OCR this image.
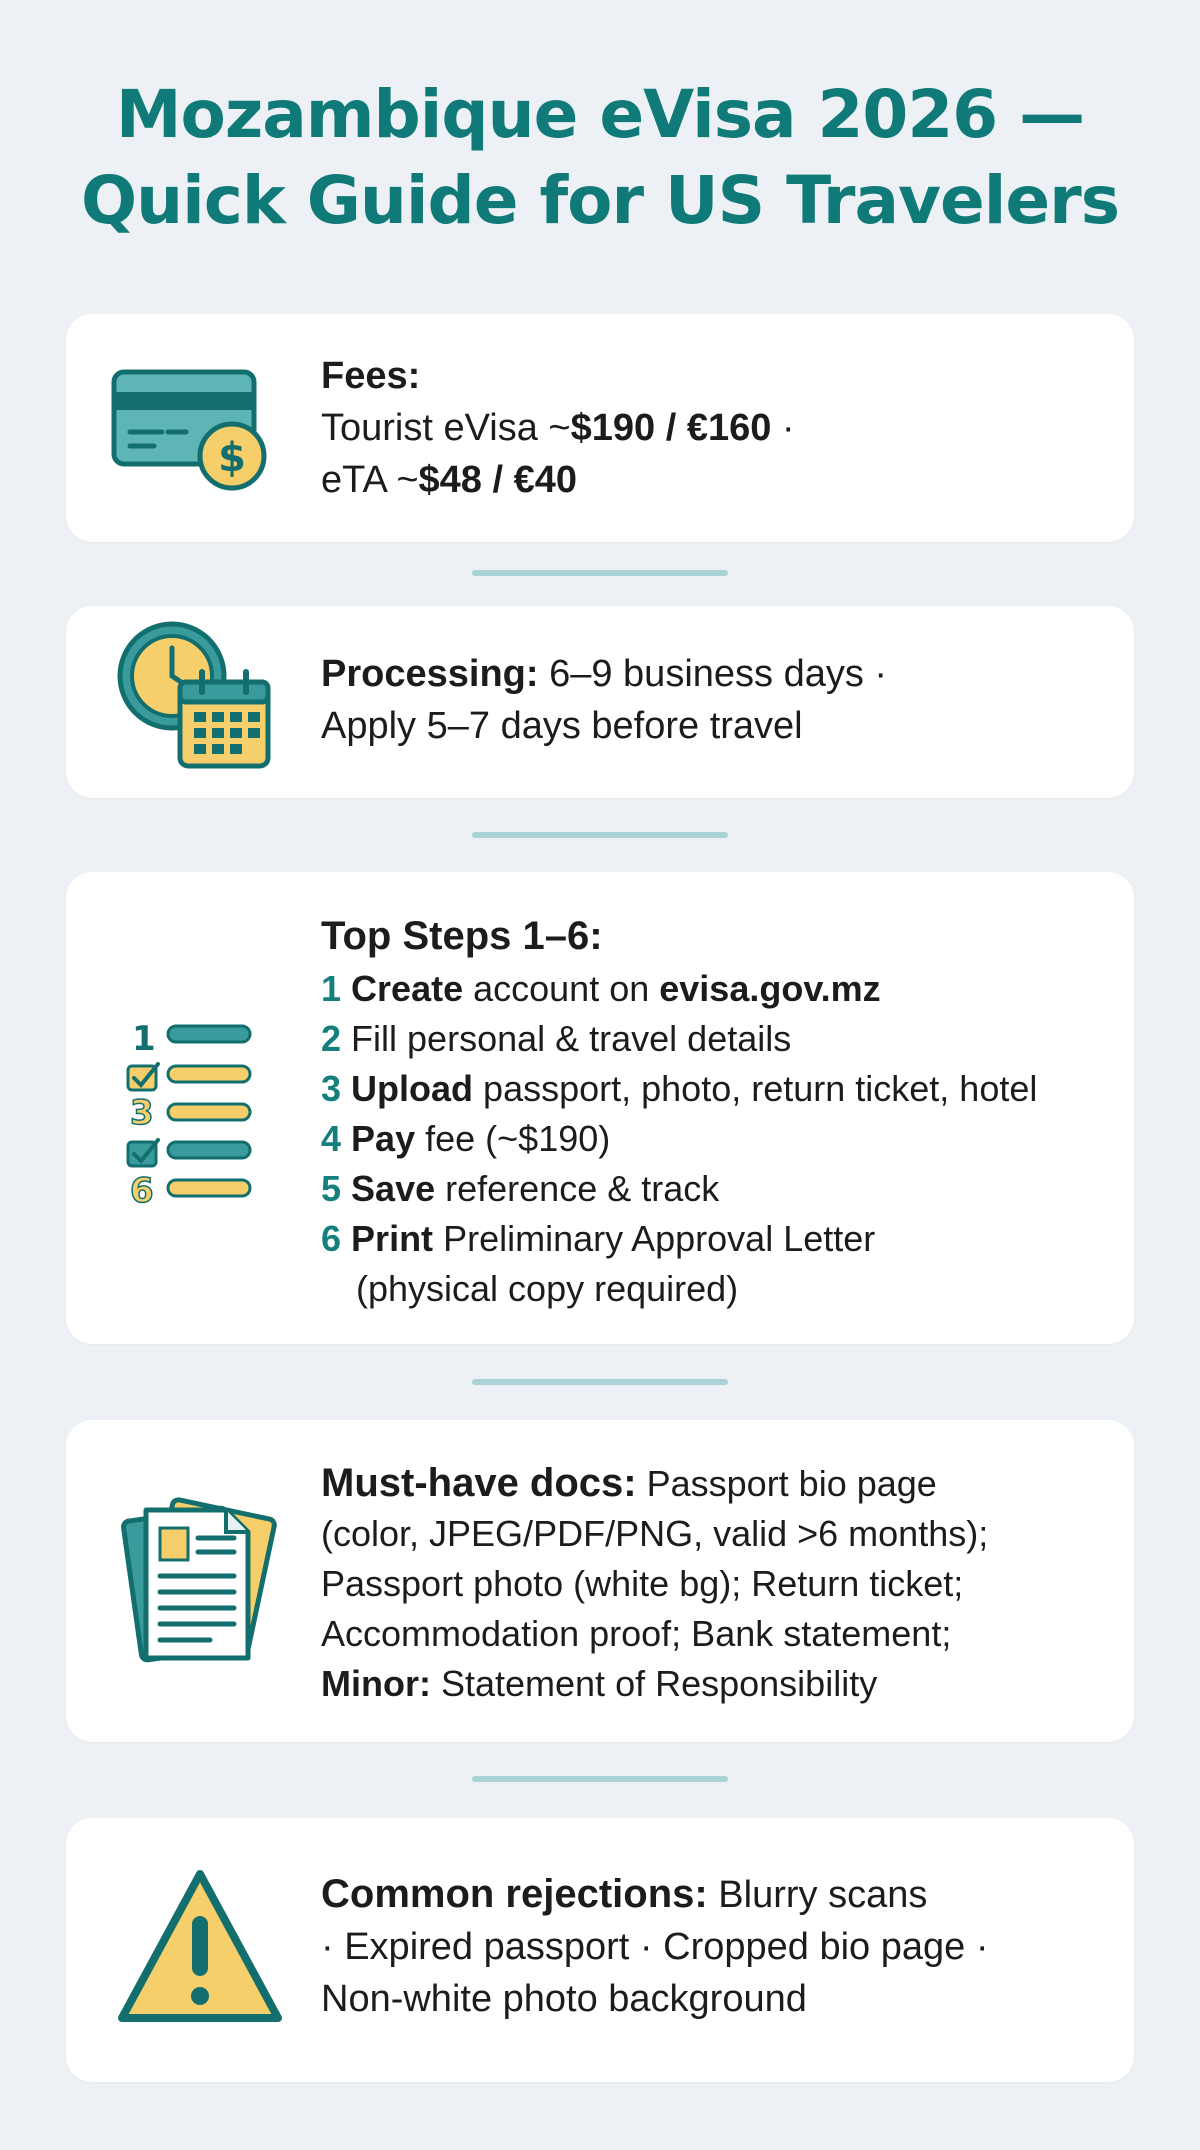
Mozambique eVisa 2026 —
Quick Guide for US Travelers
$
Fees:
Tourist eVisa ~$190 / €160 ·
eTA ~$48 / €40
Processing: 6–9 business days ·
Apply 5–7 days before travel
1
3
6
Top Steps 1–6:
1 Create account on evisa.gov.mz
2 Fill personal & travel details
3 Upload passport, photo, return ticket, hotel
4 Pay fee (~$190)
5 Save reference & track
6 Print Preliminary Approval Letter
(physical copy required)
Must-have docs: Passport bio page
(color, JPEG/PDF/PNG, valid >6 months);
Passport photo (white bg); Return ticket;
Accommodation proof; Bank statement;
Minor: Statement of Responsibility
Common rejections: Blurry scans
· Expired passport · Cropped bio page ·
Non-white photo background
